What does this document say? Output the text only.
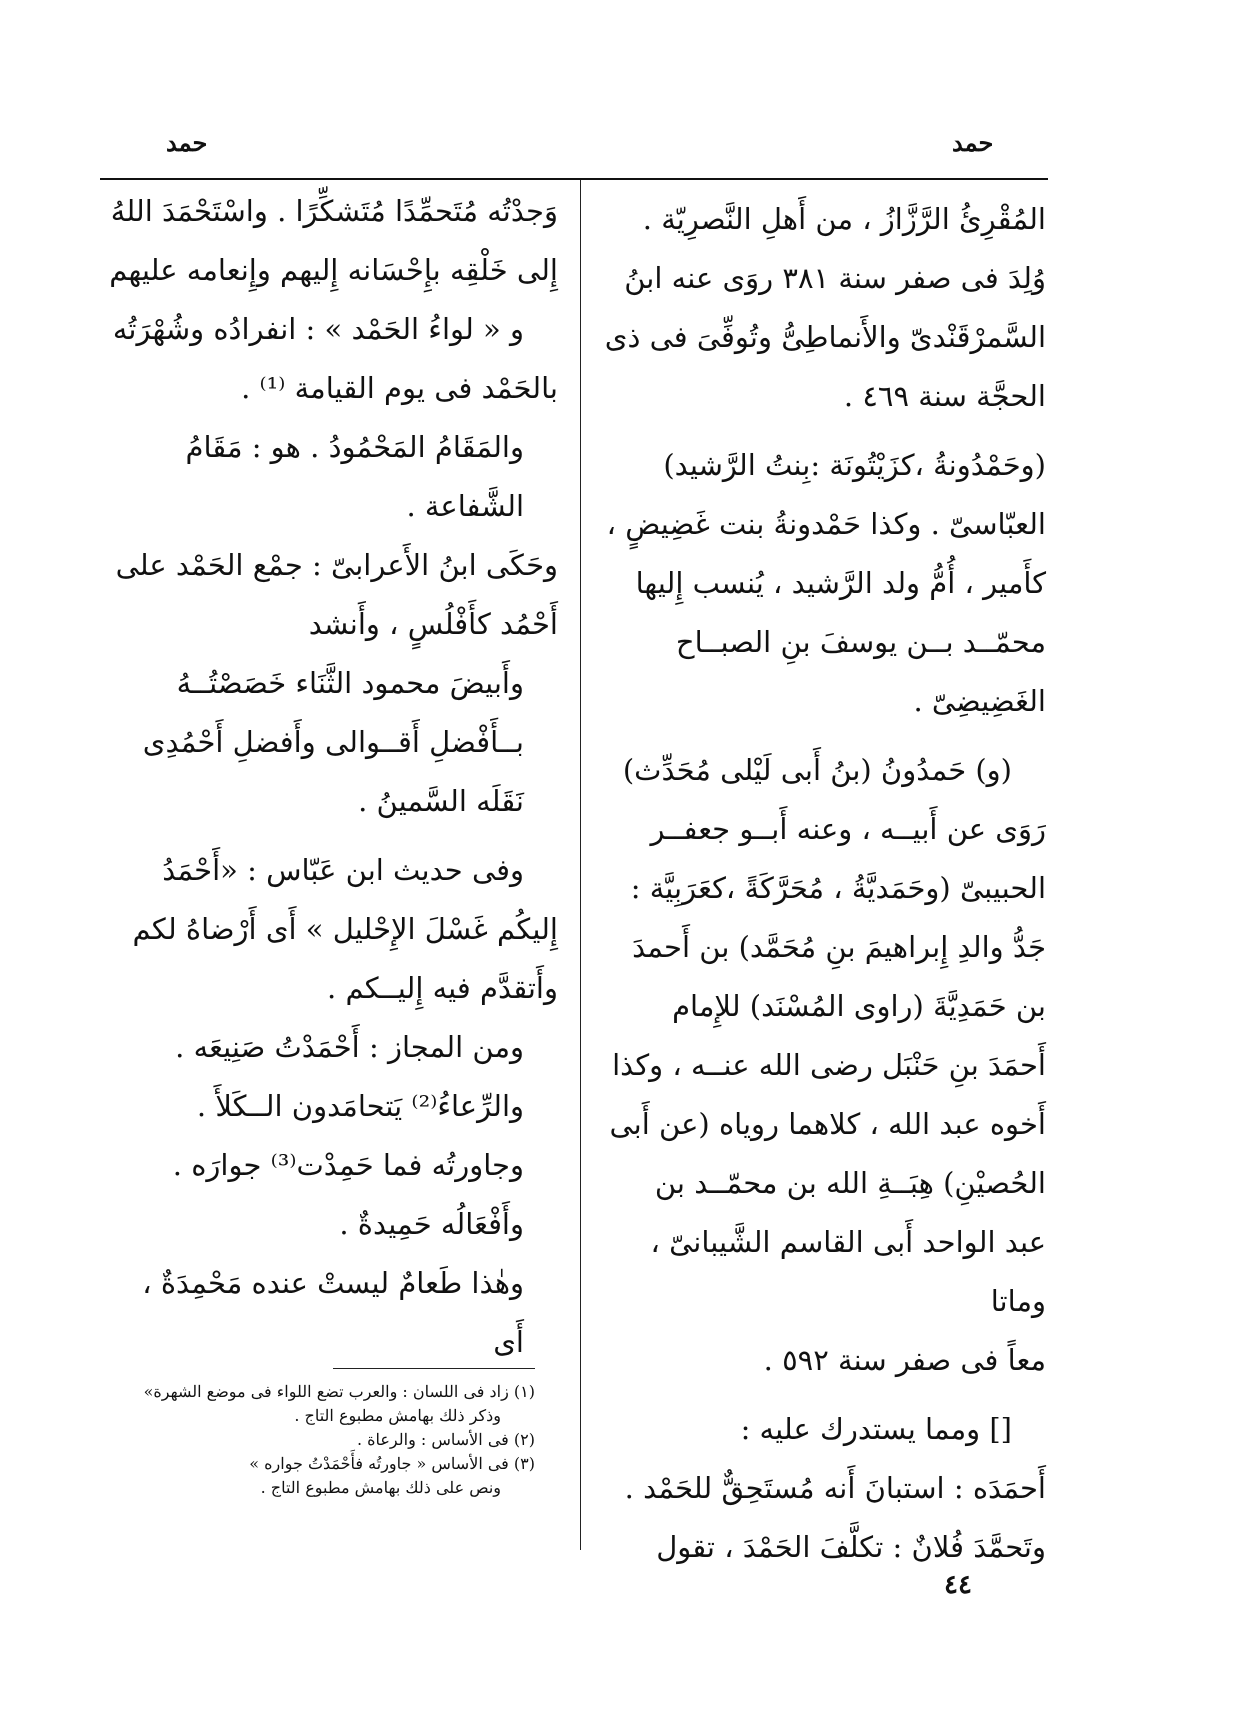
حمد
حمد

المُقْرِئُ الرَّزَّازُ ، من أَهلِ النَّصرِيّة .

وُلِدَ فى صفر سنة ٣٨١ روَى عنه ابنُ

السَّمرْقَنْدىّ والأَنماطِىُّ وتُوفِّىَ فى ذى

الحجَّة سنة ٤٦٩ .

(وحَمْدُونةُ ،كزَيْتُونَة :بِنتُ الرَّشيد)

العبّاسىّ . وكذا حَمْدونةُ بنت غَضِيضٍ ،

كأَمير ، أُمُّ ولد الرَّشيد ، يُنسب إِليها

محمّــد بــن يوسفَ بنِ الصبــاح

الغَضِيضِىّ .

(و) حَمدُونُ (بنُ أَبى لَيْلى مُحَدِّث)

رَوَى عن أَبيــه ، وعنه أَبــو جعفــر

الحبيبىّ (وحَمَديَّةُ ، مُحَرَّكَةً ،كعَرَبِيَّة :

جَدُّ والدِ إِبراهيمَ بنِ مُحَمَّد) بن أَحمدَ

بن حَمَدِيَّةَ (راوى المُسْنَد) للإِمام

أَحمَدَ بنِ حَنْبَل رضى الله عنــه ، وكذا

أَخوه عبد الله ، كلاهما روياه (عن أَبى

الحُصيْنِ) هِبَــةِ الله بن محمّــد بن

عبد الواحد أَبى القاسم الشَّيبانىّ ، وماتا

معاً فى صفر سنة ٥٩٢ .

[] ومما يستدرك عليه :

أَحمَدَه : استبانَ أَنه مُستَحِقٌّ للحَمْد .

وتَحمَّدَ فُلانٌ : تكلَّفَ الحَمْدَ ، تقول

وَجدْتُه مُتَحمِّدًا مُتَشكِّرًا . واسْتَحْمَدَ اللهُ

إِلى خَلْقِه بإِحْسَانه إِليهم وإِنعامه عليهم

و « لواءُ الحَمْد » : انفرادُه وشُهْرَتُه

بالحَمْد فى يوم القيامة ⁽¹⁾ .

والمَقَامُ المَحْمُودُ . هو : مَقَامُ الشَّفاعة .

وحَكَى ابنُ الأَعرابىّ : جمْع الحَمْد على

أَحْمُد كأَفْلُسٍ ، وأَنشد

وأَبيضَ محمود الثَّنَاء خَصَصْتُــهُ

بــأَفْضلِ أَقــوالى وأَفضلِ أَحْمُدِى

نَقَلَه السَّمينُ .

وفى حديث ابن عَبّاس : «أَحْمَدُ

إِليكُم غَسْلَ الإِحْليل » أَى أَرْضاهُ لكم

وأَتقدَّم فيه إِليــكم .

ومن المجاز : أَحْمَدْتُ صَنِيعَه .

والرِّعاءُ⁽²⁾ يَتحامَدون الــكَلأَ .

وجاورتُه فما حَمِدْت⁽³⁾ جوارَه .

وأَفْعَالُه حَمِيدةٌ .

وهٰذا طَعامٌ ليستْ عنده مَحْمِدَةٌ ، أَى

(١) زاد فى اللسان : والعرب تضع اللواء فى موضع الشهرة»

وذكر ذلك بهامش مطبوع التاج .

(٢) فى الأساس : والرعاة .

(٣) فى الأساس « جاورتُه فأَحْمَدْتُ جواره »

ونص على ذلك بهامش مطبوع التاج .

٤٤
